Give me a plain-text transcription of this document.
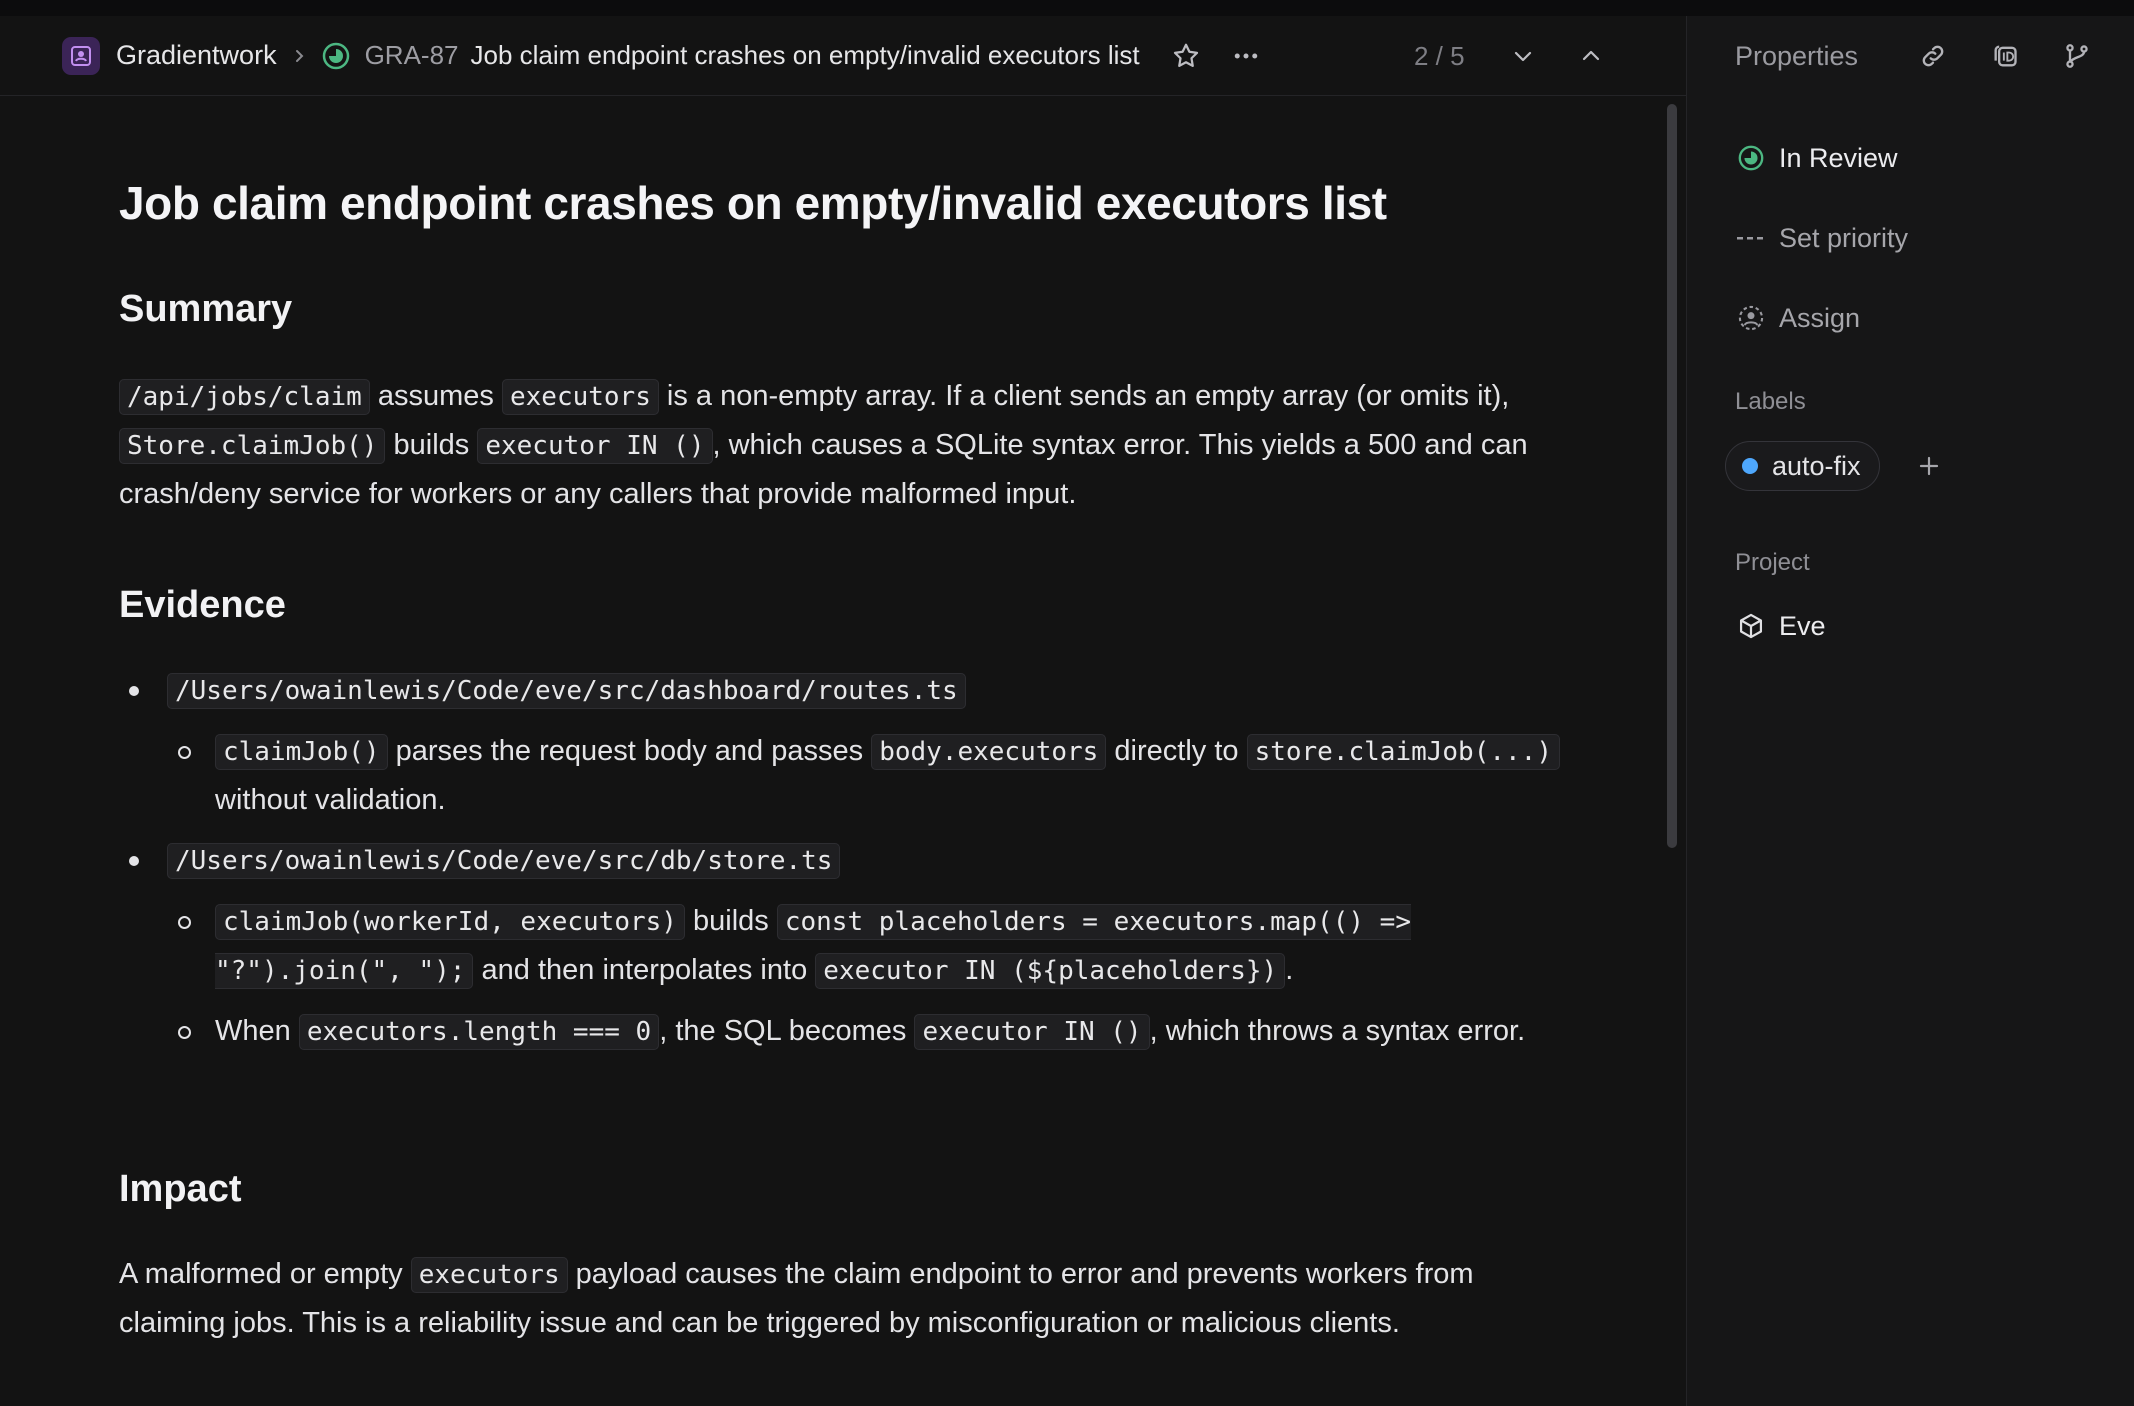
Gradientwork	GRA-87 Job claim endpoint crashes on empty/invalid executors list	2 / 5
Job claim endpoint crashes on empty/invalid executors list
Summary

/api/jobs/claim assumes executors is a non-empty array. If a client sends an empty array (or omits it), Store.claimJob() builds executor IN () , which causes a SQLite syntax error. This yields a 500 and can crash/deny service for workers or any callers that provide malformed input.

Evidence
/Users/owainlewis/Code/eve/src/dashboard/routes.ts
claimJob() parses the request body and passes body.executors directly to store.claimJob(...) without validation.
/Users/owainlewis/Code/eve/src/db/store.ts
claimJob(workerId, executors) builds const placeholders = executors.map(() => "?").join(", "); and then interpolates into executor IN (${placeholders}) .
When executors.length === 0 , the SQL becomes executor IN () , which throws a syntax error.
Impact

A malformed or empty executors payload causes the claim endpoint to error and prevents workers from claiming jobs. This is a reliability issue and can be triggered by misconfiguration or malicious clients.

Properties
In Review
Set priority
Assign
Labels
auto-fix
Project
Eve
